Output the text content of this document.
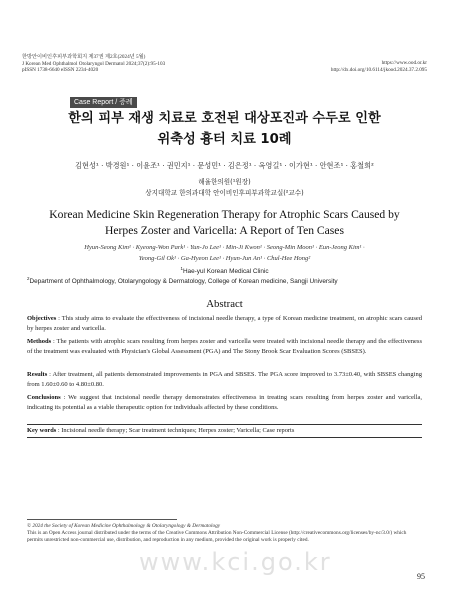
한방안이비인후피부과학회지 제37권 제2호(2024년 5월)
J Korean Med Ophthalmol Otolaryngol Dermatol 2024;37(2):95-103
pISSN 1738-6640 eISSN 2234-4020
https://www.ood.or.kr
http://dx.doi.org/10.6114/jkood.2024.37.2.095
Case Report / 증례
한의 피부 재생 치료로 호전된 대상포진과 수두로 인한
위축성 흉터 치료 10례
김현성¹ · 박경원¹ · 이윤조¹ · 권민지¹ · 문성민¹ · 김은정¹ · 옥영길¹ · 이가현¹ · 안현조¹ · 홍철희²
해율한의원(¹원장)
상지대학교 한의과대학 안이비인후피부과학교실(²교수)
Korean Medicine Skin Regeneration Therapy for Atrophic Scars Caused by
Herpes Zoster and Varicella: A Report of Ten Cases
Hyun-Seong Kim¹ · Kyeong-Won Park¹ · Yun-Jo Lee¹ · Min-Ji Kwon¹ · Seong-Min Moon¹ · Eun-Jeong Kim¹ ·
Yeong-Gil Ok¹ · Ga-Hyeon Lee¹ · Hyun-Jun An¹ · Chul-Hee Hong²
$^1$Hae-yul Korean Medical Clinic
$^2$Department of Ophthalmology, Otolaryngology & Dermatology, College of Korean medicine, Sangji University
Abstract
Objectives : This study aims to evaluate the effectiveness of incisional needle therapy, a type of Korean medicine treatment, on atrophic scars caused by herpes zoster and varicella.
Methods : The patients with atrophic scars resulting from herpes zoster and varicella were treated with incisional needle therapy and the effectiveness of the treatment was evaluated with Physician's Global Assessment (PGA) and The Stony Brook Scar Evaluation Scores (SBSES).
Results : After treatment, all patients demonstrated improvements in PGA and SBSES. The PGA score improved to 3.73±0.40, with SBSES changing from 1.60±0.60 to 4.80±0.80.
Conclusions : We suggest that incisional needle therapy demonstrates effectiveness in treating scars resulting from herpes zoster and varicella, indicating its potential as a viable therapeutic option for individuals affected by these conditions.
Key words : Incisional needle therapy; Scar treatment techniques; Herpes zoster; Varicella; Case reports
© 2024 the Society of Korean Medicine Ophthalmology & Otolaryngology & Dermatology
This is an Open Access journal distributed under the terms of the Creative Commons Attribution Non-Commercial License (http://creativecommons.org/licenses/by-nc/3.0/) which permits unrestricted non-commercial use, distribution, and reproduction in any medium, provided the original work is properly cited.
www.kci.go.kr
95
